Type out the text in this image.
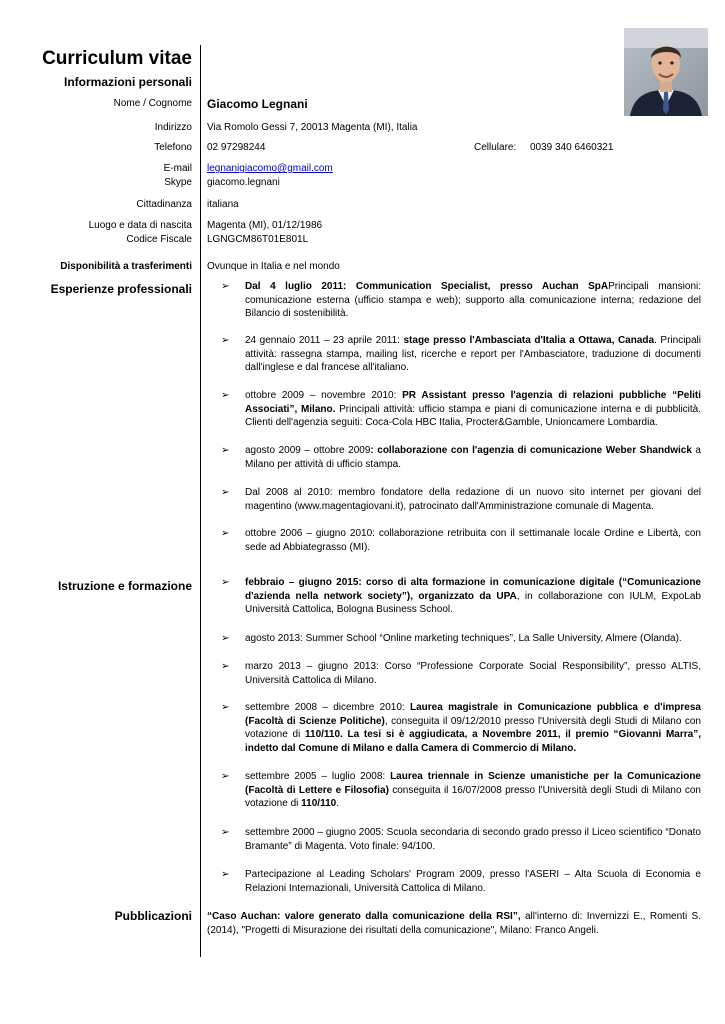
Curriculum vitae
Informazioni personali
Nome / Cognome Giacomo Legnani
Indirizzo Via Romolo Gessi 7, 20013 Magenta (MI), Italia
Telefono 02 97298244	Cellulare: 0039 340 6460321
E-mail legnanigiacomo@gmail.com
Skype giacomo.legnani
Cittadinanza italiana
Luogo e data di nascita Magenta (MI), 01/12/1986
Codice Fiscale LGNGCM86T01E801L
Disponibilità a trasferimenti Ovunque in Italia e nel mondo
Esperienze professionali	➢	Dal 4 luglio 2011: Communication Specialist, presso Auchan SpAPrincipali mansioni: comunicazione esterna (ufficio stampa e web); supporto alla comunicazione interna; redazione del Bilancio di sostenibilità.
➢	24 gennaio 2011 – 23 aprile 2011: stage presso l'Ambasciata d'Italia a Ottawa, Canada. Principali attività: rassegna stampa, mailing list, ricerche e report per l'Ambasciatore, traduzione di documenti dall'inglese e dal francese all'italiano.
➢	ottobre 2009 – novembre 2010: PR Assistant presso l'agenzia di relazioni pubbliche “Peliti Associati”, Milano. Principali attività: ufficio stampa e piani di comunicazione interna e di pubblicità. Clienti dell'agenzia seguiti: Coca-Cola HBC Italia, Procter&Gamble, Unioncamere Lombardia.
➢	agosto 2009 – ottobre 2009: collaborazione con l'agenzia di comunicazione Weber Shandwick a Milano per attività di ufficio stampa.
➢	Dal 2008 al 2010: membro fondatore della redazione di un nuovo sito internet per giovani del magentino (www.magentagiovani.it), patrocinato dall'Amministrazione comunale di Magenta.
➢	ottobre 2006 – giugno 2010: collaborazione retribuita con il settimanale locale Ordine e Libertà, con sede ad Abbiategrasso (MI).
Istruzione e formazione	➢	febbraio – giugno 2015: corso di alta formazione in comunicazione digitale (“Comunicazione d'azienda nella network society”), organizzato da UPA, in collaborazione con IULM, ExpoLab Università Cattolica, Bologna Business School.
➢	agosto 2013: Summer School “Online marketing techniques”, La Salle University, Almere (Olanda).
➢	marzo 2013 – giugno 2013: Corso “Professione Corporate Social Responsibility”, presso ALTIS, Università Cattolica di Milano.
➢	settembre 2008 – dicembre 2010: Laurea magistrale in Comunicazione pubblica e d'impresa (Facoltà di Scienze Politiche), conseguita il 09/12/2010 presso l'Università degli Studi di Milano con votazione di 110/110. La tesi si è aggiudicata, a Novembre 2011, il premio “Giovanni Marra”, indetto dal Comune di Milano e dalla Camera di Commercio di Milano.
➢	settembre 2005 – luglio 2008: Laurea triennale in Scienze umanistiche per la Comunicazione (Facoltà di Lettere e Filosofia) conseguita il 16/07/2008 presso l'Università degli Studi di Milano con votazione di 110/110.
➢	settembre 2000 – giugno 2005: Scuola secondaria di secondo grado presso il Liceo scientifico “Donato Bramante” di Magenta. Voto finale: 94/100.
➢	Partecipazione al Leading Scholars' Program 2009, presso l'ASERI – Alta Scuola di Economia e Relazioni Internazionali, Università Cattolica di Milano.
Pubblicazioni “Caso Auchan: valore generato dalla comunicazione della RSI”, all'interno di: Invernizzi E., Romenti S. (2014), "Progetti di Misurazione dei risultati della comunicazione", Milano: Franco Angeli.
